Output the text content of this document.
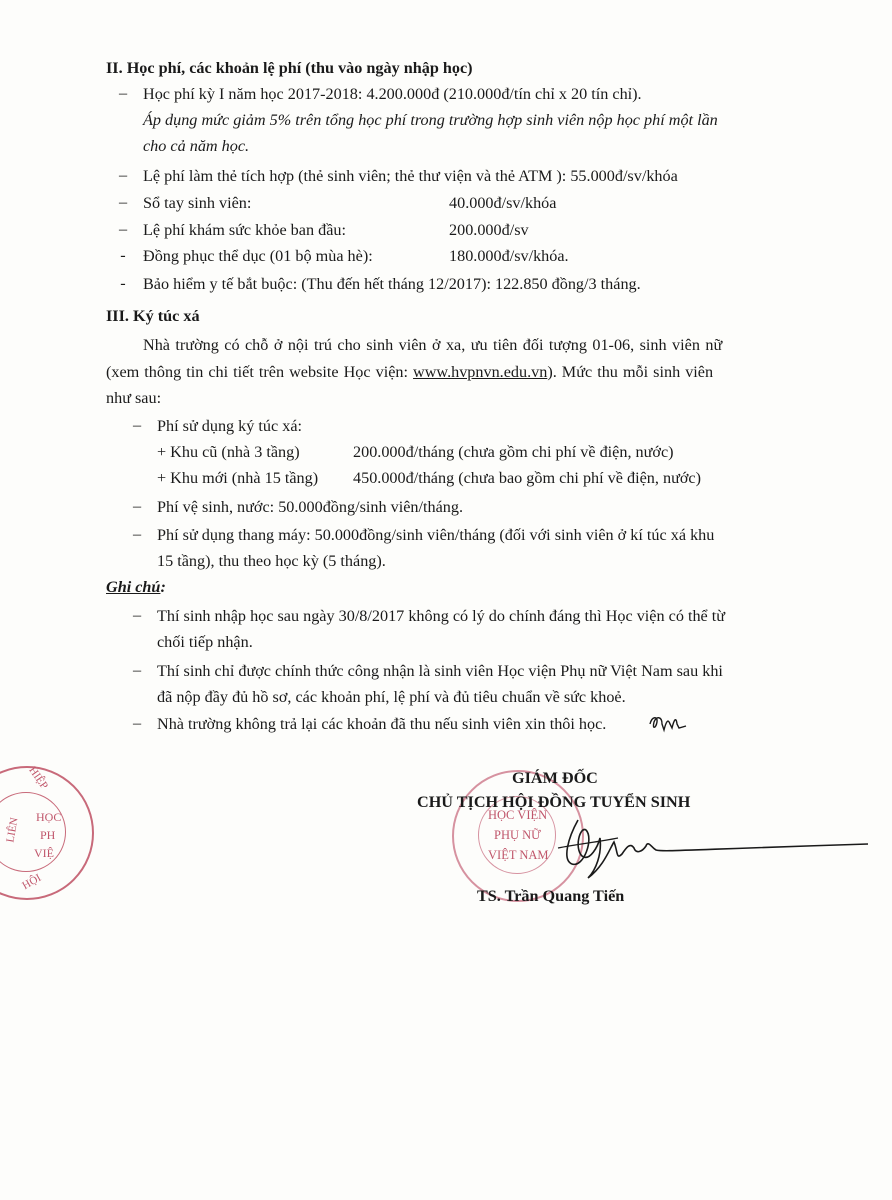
II. Học phí, các khoản lệ phí (thu vào ngày nhập học)
– Học phí kỳ I năm học 2017-2018: 4.200.000đ (210.000đ/tín chỉ x 20 tín chỉ).
Áp dụng mức giảm 5% trên tổng học phí trong trường hợp sinh viên nộp học phí một lần
cho cả năm học.
– Lệ phí làm thẻ tích hợp (thẻ sinh viên; thẻ thư viện và thẻ ATM ): 55.000đ/sv/khóa
– Sổ tay sinh viên:	40.000đ/sv/khóa
– Lệ phí khám sức khỏe ban đầu:	200.000đ/sv
- Đồng phục thể dục (01 bộ mùa hè):	180.000đ/sv/khóa.
- Bảo hiểm y tế bắt buộc: (Thu đến hết tháng 12/2017): 122.850 đồng/3 tháng.
III. Ký túc xá
Nhà trường có chỗ ở nội trú cho sinh viên ở xa, ưu tiên đối tượng 01-06, sinh viên nữ
(xem thông tin chi tiết trên website Học viện: www.hvpnvn.edu.vn). Mức thu mỗi sinh viên
như sau:
– Phí sử dụng ký túc xá:
+ Khu cũ (nhà 3 tầng)	200.000đ/tháng (chưa gồm chi phí về điện, nước)
+ Khu mới (nhà 15 tầng) 450.000đ/tháng (chưa bao gồm chi phí về điện, nước)
– Phí vệ sinh, nước: 50.000đồng/sinh viên/tháng.
– Phí sử dụng thang máy: 50.000đồng/sinh viên/tháng (đối với sinh viên ở kí túc xá khu
15 tầng), thu theo học kỳ (5 tháng).
Ghi chú:
– Thí sinh nhập học sau ngày 30/8/2017 không có lý do chính đáng thì Học viện có thể từ
chối tiếp nhận.
– Thí sinh chỉ được chính thức công nhận là sinh viên Học viện Phụ nữ Việt Nam sau khi
đã nộp đầy đủ hồ sơ, các khoản phí, lệ phí và đủ tiêu chuẩn về sức khoẻ.
– Nhà trường không trả lại các khoản đã thu nếu sinh viên xin thôi học.
HIỆP
LIÊN
HỘI
HỌC
PH
VIỆ
HỌC VIỆN
PHỤ NỮ
VIỆT NAM
GIÁM ĐỐC
CHỦ TỊCH HỘI ĐỒNG TUYỂN SINH
TS. Trần Quang Tiến
